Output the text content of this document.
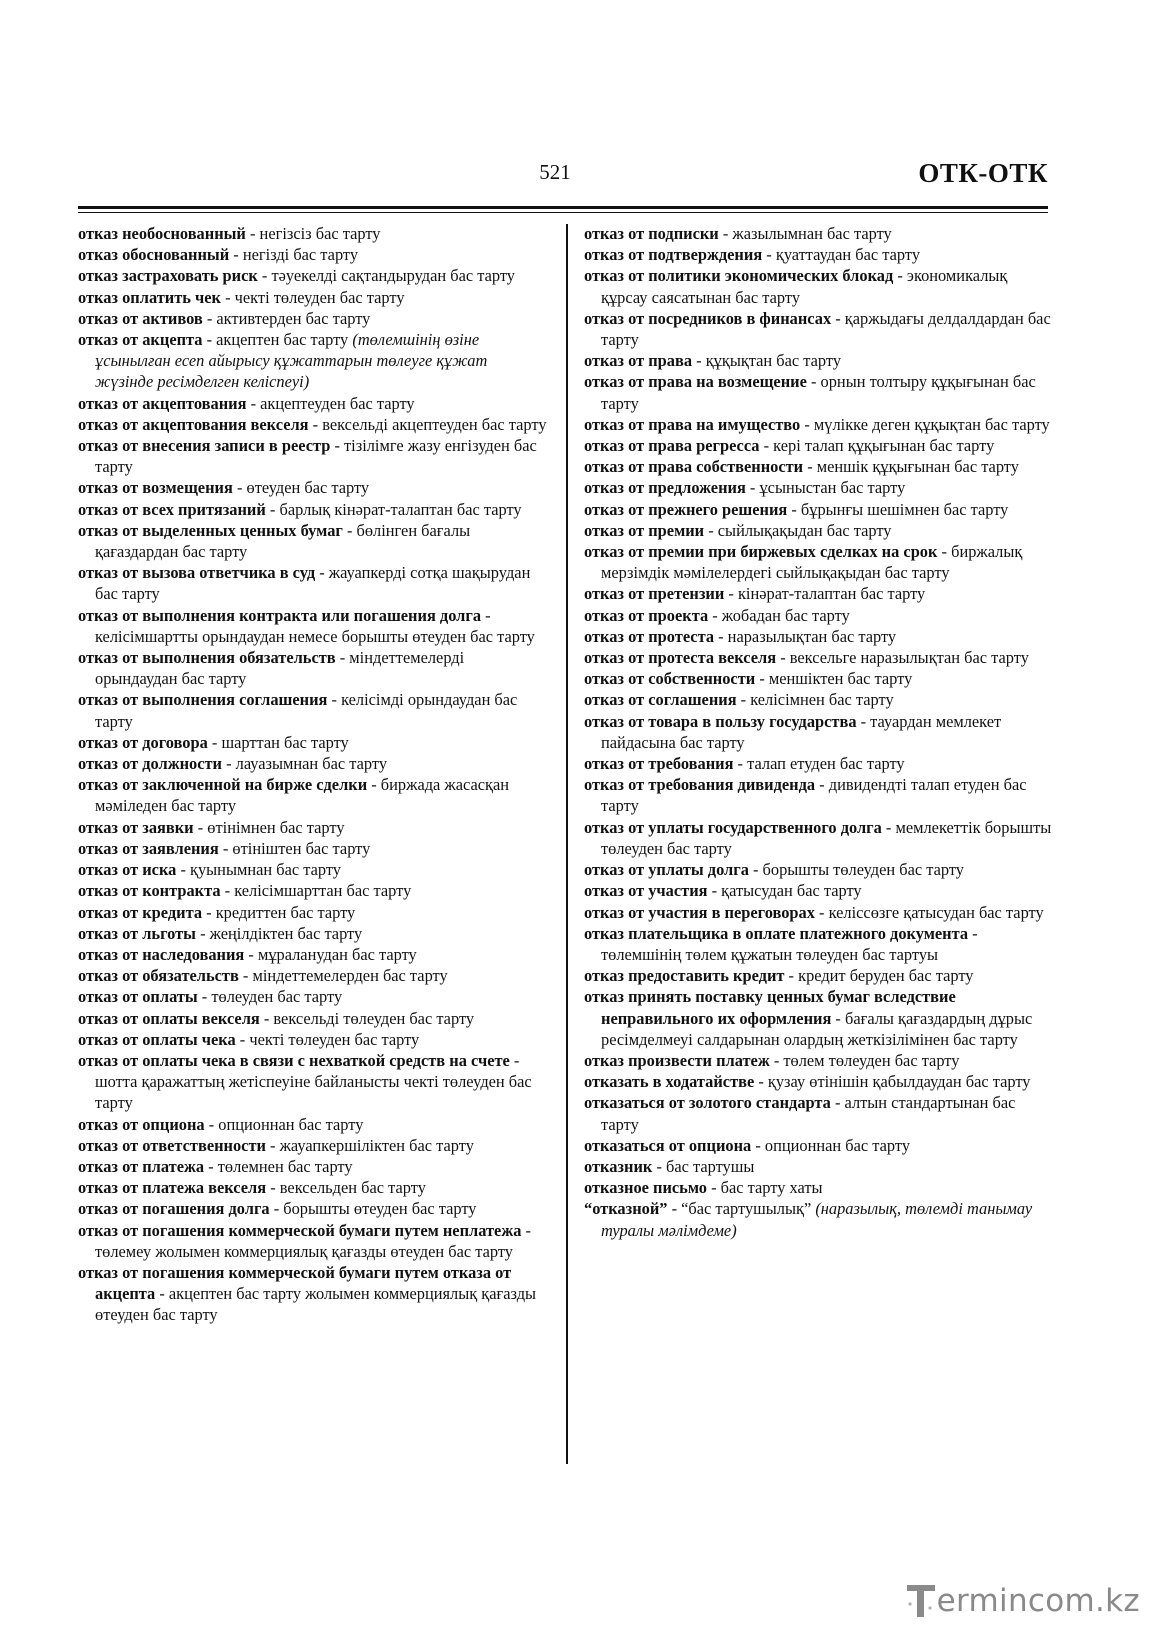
521	ОТК-ОТК

отказ необоснованный - негізсіз бас тарту

отказ обоснованный - негізді бас тарту

отказ застраховать риск - тәуекелді сақтандырудан бас тарту

отказ оплатить чек - чекті төлеуден бас тарту

отказ от активов - активтерден бас тарту

отказ от акцепта - акцептен бас тарту (төлемшінің өзіне ұсынылған есеп айырысу құжаттарын төлеуге құжат жүзінде ресімделген келіспеуі)

отказ от акцептования - акцептеуден бас тарту

отказ от акцептования векселя - вексельді акцептеуден бас тарту

отказ от внесения записи в реестр - тізілімге жазу енгізуден бас тарту

отказ от возмещения - өтеуден бас тарту

отказ от всех притязаний - барлық кінәрат-талаптан бас тарту

отказ от выделенных ценных бумаг - бөлінген бағалы қағаздардан бас тарту

отказ от вызова ответчика в суд - жауапкерді сотқа шақырудан бас тарту

отказ от выполнения контракта или погашения долга - келісімшартты орындаудан немесе борышты өтеуден бас тарту

отказ от выполнения обязательств - міндеттемелерді орындаудан бас тарту

отказ от выполнения соглашения - келісімді орындаудан бас тарту

отказ от договора - шарттан бас тарту

отказ от должности - лауазымнан бас тарту

отказ от заключенной на бирже сделки - биржада жасасқан мәміледен бас тарту

отказ от заявки - өтінімнен бас тарту

отказ от заявления - өтініштен бас тарту

отказ от иска - қуынымнан бас тарту

отказ от контракта - келісімшарттан бас тарту

отказ от кредита - кредиттен бас тарту

отказ от льготы - жеңілдіктен бас тарту

отказ от наследования - мұраланудан бас тарту

отказ от обязательств - міндеттемелерден бас тарту

отказ от оплаты - төлеуден бас тарту

отказ от оплаты векселя - вексельді төлеуден бас тарту

отказ от оплаты чека - чекті төлеуден бас тарту

отказ от оплаты чека в связи с нехваткой средств на счете - шотта қаражаттың жетіспеуіне байланысты чекті төлеуден бас тарту

отказ от опциона - опционнан бас тарту

отказ от ответственности - жауапкершіліктен бас тарту

отказ от платежа - төлемнен бас тарту

отказ от платежа векселя - вексельден бас тарту

отказ от погашения долга - борышты өтеуден бас тарту

отказ от погашения коммерческой бумаги путем неплатежа - төлемеу жолымен коммерциялық қағазды өтеуден бас тарту

отказ от погашения коммерческой бумаги путем отказа от акцепта - акцептен бас тарту жолымен коммерциялық қағазды өтеуден бас тарту

отказ от подписки - жазылымнан бас тарту

отказ от подтверждения - қуаттаудан бас тарту

отказ от политики экономических блокад - экономикалық құрсау саясатынан бас тарту

отказ от посредников в финансах - қаржыдағы делдалдардан бас тарту

отказ от права - құқықтан бас тарту

отказ от права на возмещение - орнын толтыру құқығынан бас тарту

отказ от права на имущество - мүлікке деген құқықтан бас тарту

отказ от права регресса - кері талап құқығынан бас тарту

отказ от права собственности - меншік құқығынан бас тарту

отказ от предложения - ұсыныстан бас тарту

отказ от прежнего решения - бұрынғы шешімнен бас тарту

отказ от премии - сыйлықақыдан бас тарту

отказ от премии при биржевых сделках на срок - биржалық мерзімдік мәмілелердегі сыйлықақыдан бас тарту

отказ от претензии - кінәрат-талаптан бас тарту

отказ от проекта - жобадан бас тарту

отказ от протеста - наразылықтан бас тарту

отказ от протеста векселя - вексельге наразылықтан бас тарту

отказ от собственности - меншіктен бас тарту

отказ от соглашения - келісімнен бас тарту

отказ от товара в пользу государства - тауардан мемлекет пайдасына бас тарту

отказ от требования - талап етуден бас тарту

отказ от требования дивиденда - дивидендті талап етуден бас тарту

отказ от уплаты государственного долга - мемлекеттік борышты төлеуден бас тарту

отказ от уплаты долга - борышты төлеуден бас тарту

отказ от участия - қатысудан бас тарту

отказ от участия в переговорах - келіссөзге қатысудан бас тарту

отказ плательщика в оплате платежного документа - төлемшінің төлем құжатын төлеуден бас тартуы

отказ предоставить кредит - кредит беруден бас тарту

отказ принять поставку ценных бумаг вследствие неправильного их оформления - бағалы қағаздардың дұрыс ресімделмеуі салдарынан олардың жеткізілімінен бас тарту

отказ произвести платеж - төлем төлеуден бас тарту

отказать в ходатайстве - қузау өтінішін қабылдаудан бас тарту

отказаться от золотого стандарта - алтын стандартынан бас тарту

отказаться от опциона - опционнан бас тарту

отказник - бас тартушы

отказное письмо - бас тарту хаты

“отказной” - “бас тартушылық” (наразылық, төлемді танымау туралы мәлімдеме)

ermincom.kz
